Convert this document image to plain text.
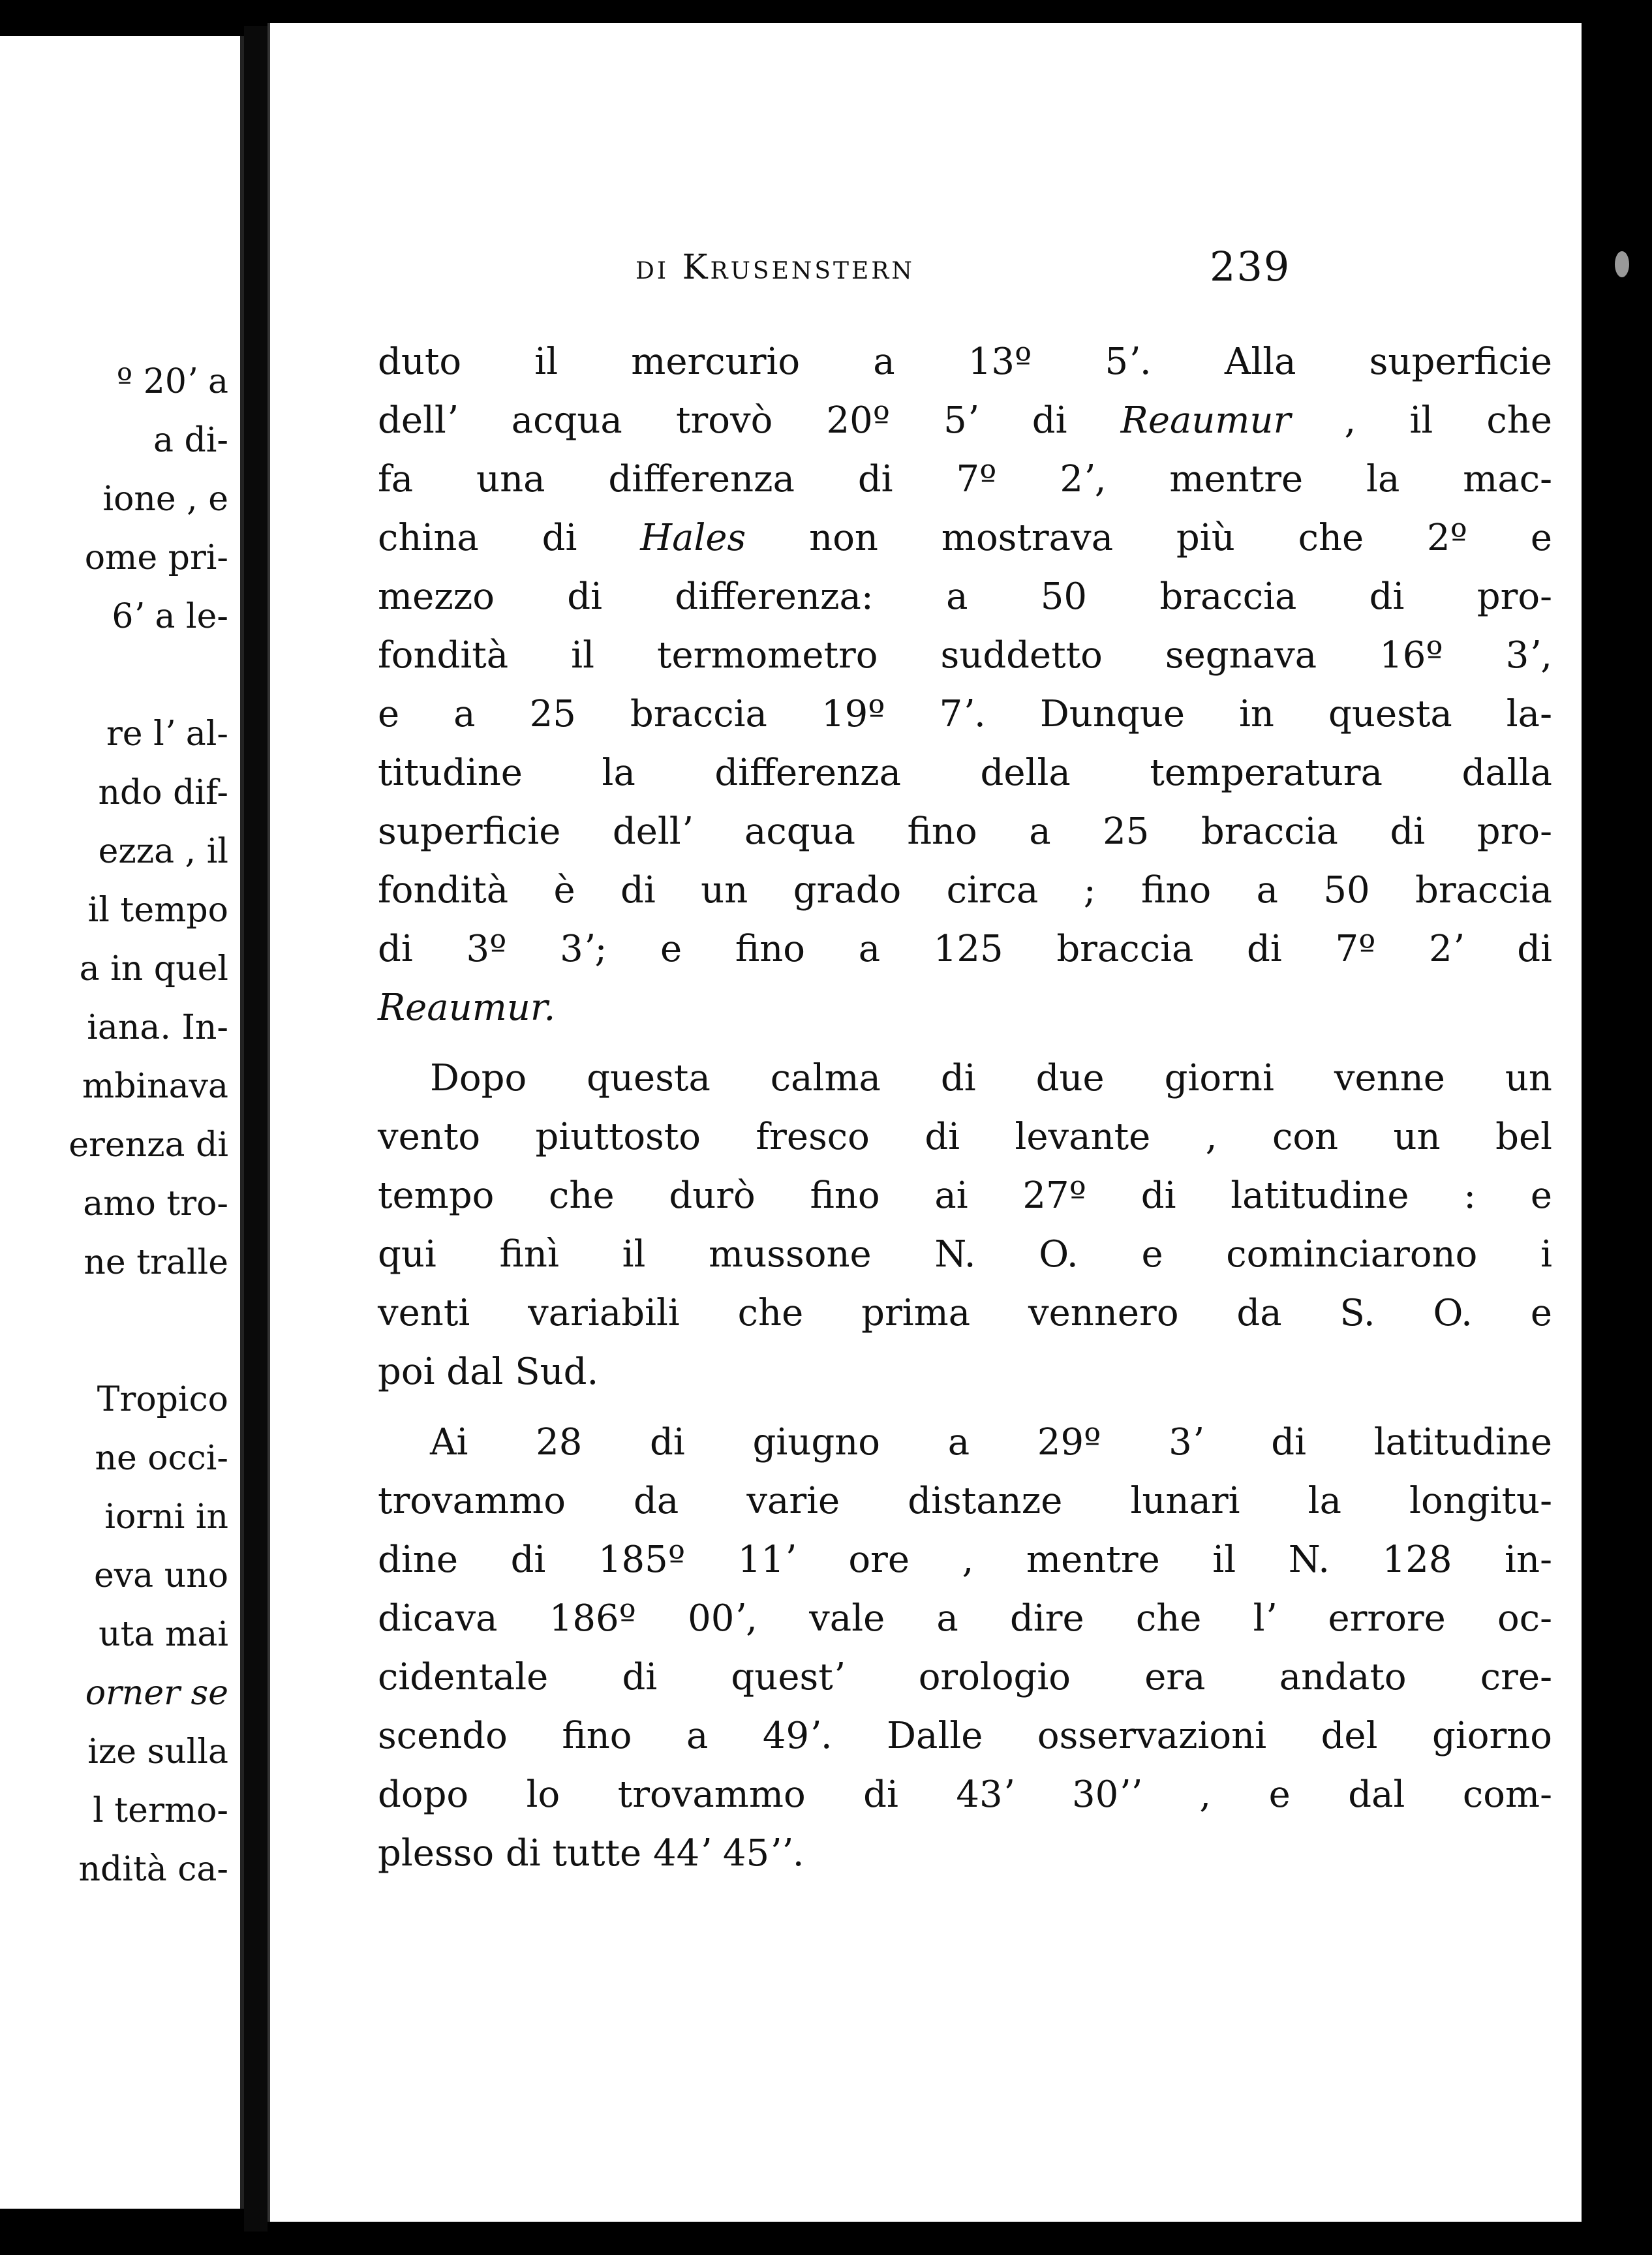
º 20ʼ a
a di-
ione , e
ome pri-
6ʼ a le-
re lʼ al-
ndo dif-
ezza , il
il tempo
a in quel
iana. In-
mbinava
erenza di
amo tro-
ne tralle
Tropico
ne occi-
iorni in
eva uno
uta mai
orner se
ize sulla
l termo-
ndità ca-
di Krusenstern	239
duto il mercurio a 13º 5ʼ. Alla superficie
dellʼ acqua trovò 20º 5ʼ di Reaumur , il che
fa una differenza di 7º 2ʼ, mentre la mac-
china di Hales non mostrava più che 2º e
mezzo di differenza: a 50 braccia di pro-
fondità il termometro suddetto segnava 16º 3ʼ,
e a 25 braccia 19º 7ʼ. Dunque in questa la-
titudine la differenza della temperatura dalla
superficie dellʼ acqua fino a 25 braccia di pro-
fondità è di un grado circa ; fino a 50 braccia
di 3º 3ʼ; e fino a 125 braccia di 7º 2ʼ di
Reaumur.
Dopo questa calma di due giorni venne un
vento piuttosto fresco di levante , con un bel
tempo che durò fino ai 27º di latitudine : e
qui finì il mussone N. O. e cominciarono i
venti variabili che prima vennero da S. O. e
poi dal Sud.
Ai 28 di giugno a 29º 3ʼ di latitudine
trovammo da varie distanze lunari la longitu-
dine di 185º 11ʼ ore , mentre il N. 128 in-
dicava 186º 00ʼ, vale a dire che lʼ errore oc-
cidentale di questʼ orologio era andato cre-
scendo fino a 49ʼ. Dalle osservazioni del giorno
dopo lo trovammo di 43ʼ 30ʼʼ , e dal com-
plesso di tutte 44ʼ 45ʼʼ.
